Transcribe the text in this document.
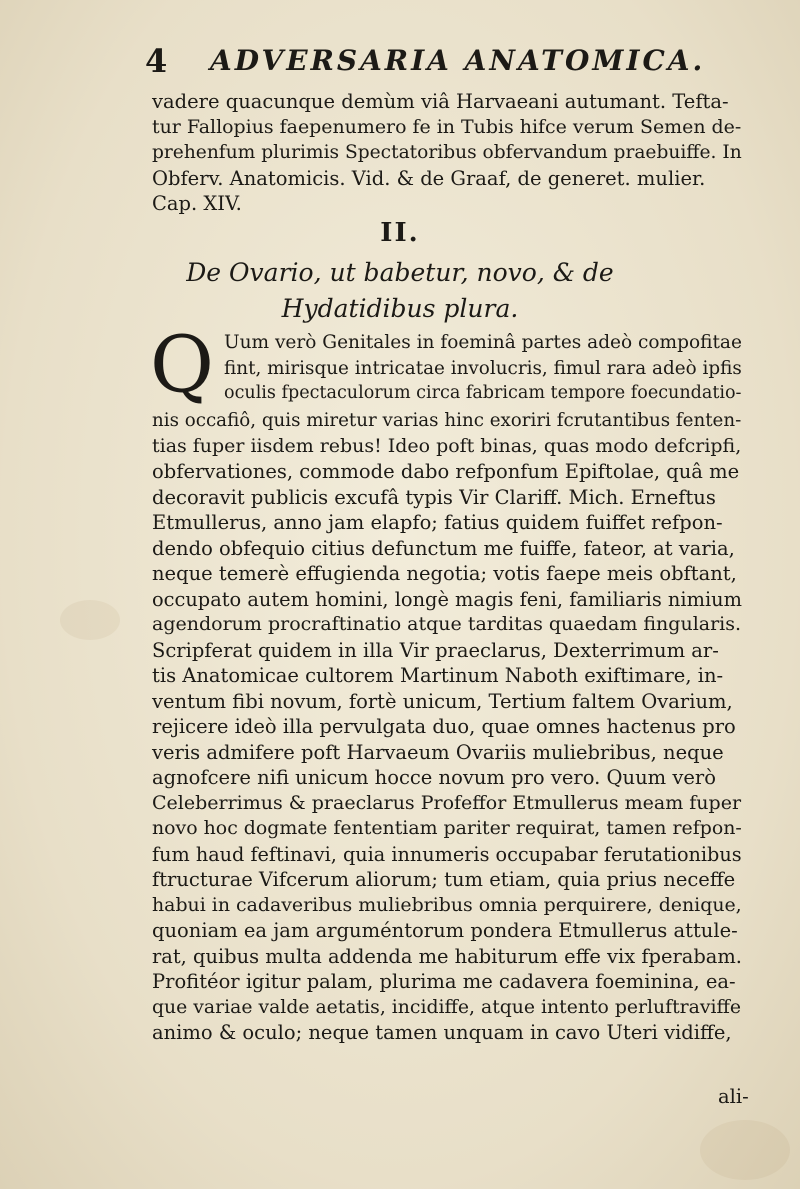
4 ADVERSARIA ANATOMICA.
vadere quacunque demùm viâ Harvaeani autumant. Tefta-
tur Fallopius faepenumero fe in Tubis hifce verum Semen de-
prehenfum plurimis Spectatoribus obfervandum praebuiffe. In
Obferv. Anatomicis. Vid. & de Graaf, de generet. mulier.
Cap. XIV.
II.
De Ovario, ut babetur, novo, & de
Hydatidibus plura.
Q Uum verò Genitales in foeminâ partes adeò compofitae
fint, mirisque intricatae involucris, fimul rara adeò ipfis
oculis fpectaculorum circa fabricam tempore foecundatio-
nis occafiô, quis miretur varias hinc exoriri fcrutantibus fenten-
tias fuper iisdem rebus! Ideo poft binas, quas modo defcripfi,
obfervationes, commode dabo refponfum Epiftolae, quâ me
decoravit publicis excufâ typis Vir Clariff. Mich. Erneftus
Etmullerus, anno jam elapfo; fatius quidem fuiffet refpon-
dendo obfequio citius defunctum me fuiffe, fateor, at varia,
neque temerè effugienda negotia; votis faepe meis obftant,
occupato autem homini, longè magis feni, familiaris nimium
agendorum procraftinatio atque tarditas quaedam fingularis.
Scripferat quidem in illa Vir praeclarus, Dexterrimum ar-
tis Anatomicae cultorem Martinum Naboth exiftimare, in-
ventum fibi novum, fortè unicum, Tertium faltem Ovarium,
rejicere ideò illa pervulgata duo, quae omnes hactenus pro
veris admifere poft Harvaeum Ovariis muliebribus, neque
agnofcere nifi unicum hocce novum pro vero. Quum verò
Celeberrimus & praeclarus Profeffor Etmullerus meam fuper
novo hoc dogmate fententiam pariter requirat, tamen refpon-
fum haud feftinavi, quia innumeris occupabar ferutationibus
ftructurae Vifcerum aliorum; tum etiam, quia prius neceffe
habui in cadaveribus muliebribus omnia perquirere, denique,
quoniam ea jam arguméntorum pondera Etmullerus attule-
rat, quibus multa addenda me habiturum effe vix fperabam.
Profitéor igitur palam, plurima me cadavera foeminina, ea-
que variae valde aetatis, incidiffe, atque intento perluftraviffe
animo & oculo; neque tamen unquam in cavo Uteri vidiffe,
ali-
